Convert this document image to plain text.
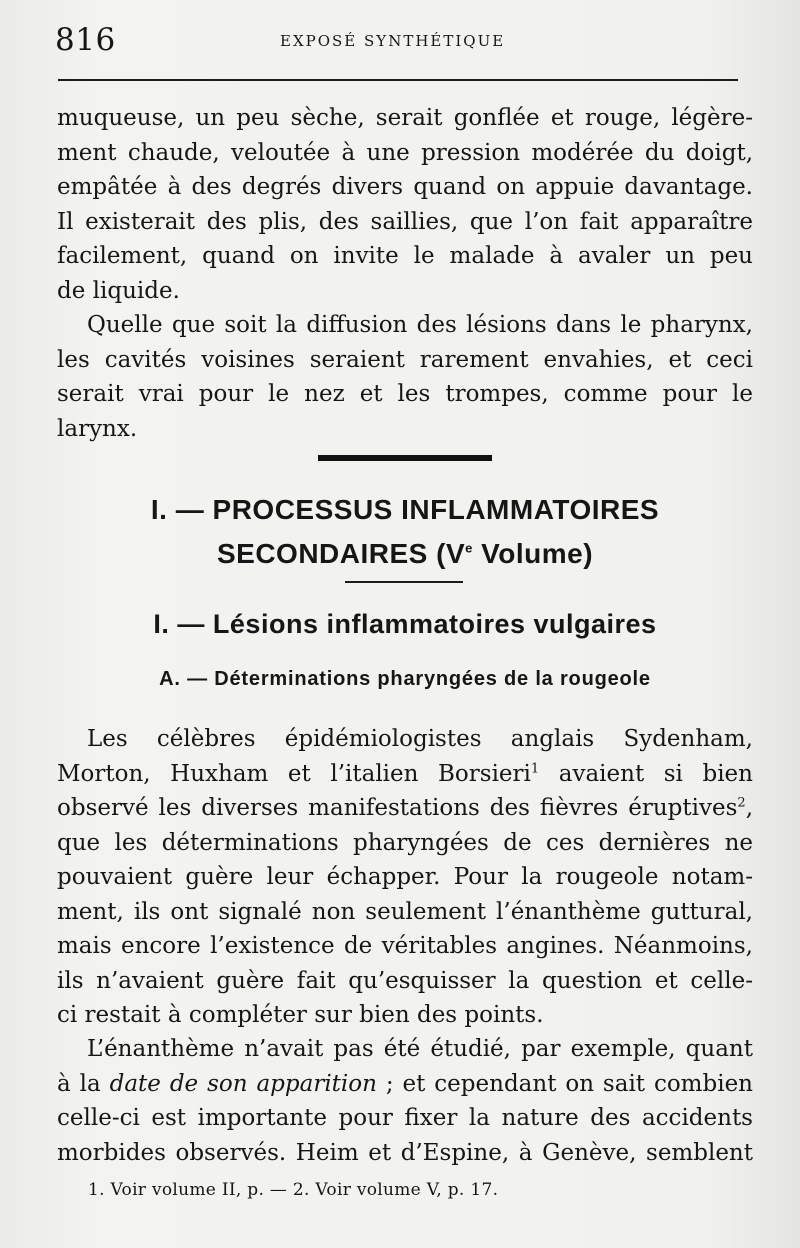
816	EXPOSÉ SYNTHÉTIQUE

muqueuse, un peu sèche, serait gonflée et rouge, légère-
ment chaude, veloutée à une pression modérée du doigt,
empâtée à des degrés divers quand on appuie davantage.
Il existerait des plis, des saillies, que l’on fait apparaître
facilement, quand on invite le malade à avaler un peu
de liquide.

Quelle que soit la diffusion des lésions dans le pharynx,
les cavités voisines seraient rarement envahies, et ceci
serait vrai pour le nez et les trompes, comme pour le
larynx.

I. — PROCESSUS INFLAMMATOIRES
SECONDAIRES (Ve Volume)
I. — Lésions inflammatoires vulgaires
A. — Déterminations pharyngées de la rougeole

Les célèbres épidémiologistes anglais Sydenham,
Morton, Huxham et l’italien Borsieri$^1$ avaient si bien
observé les diverses manifestations des fièvres éruptives$^2$,
que les déterminations pharyngées de ces dernières ne
pouvaient guère leur échapper. Pour la rougeole notam-
ment, ils ont signalé non seulement l’énanthème guttural,
mais encore l’existence de véritables angines. Néanmoins,
ils n’avaient guère fait qu’esquisser la question et celle-
ci restait à compléter sur bien des points.

L’énanthème n’avait pas été étudié, par exemple, quant
à la date de son apparition ; et cependant on sait combien
celle-ci est importante pour fixer la nature des accidents
morbides observés. Heim et d’Espine, à Genève, semblent

1. Voir volume II, p. — 2. Voir volume V, p. 17.
